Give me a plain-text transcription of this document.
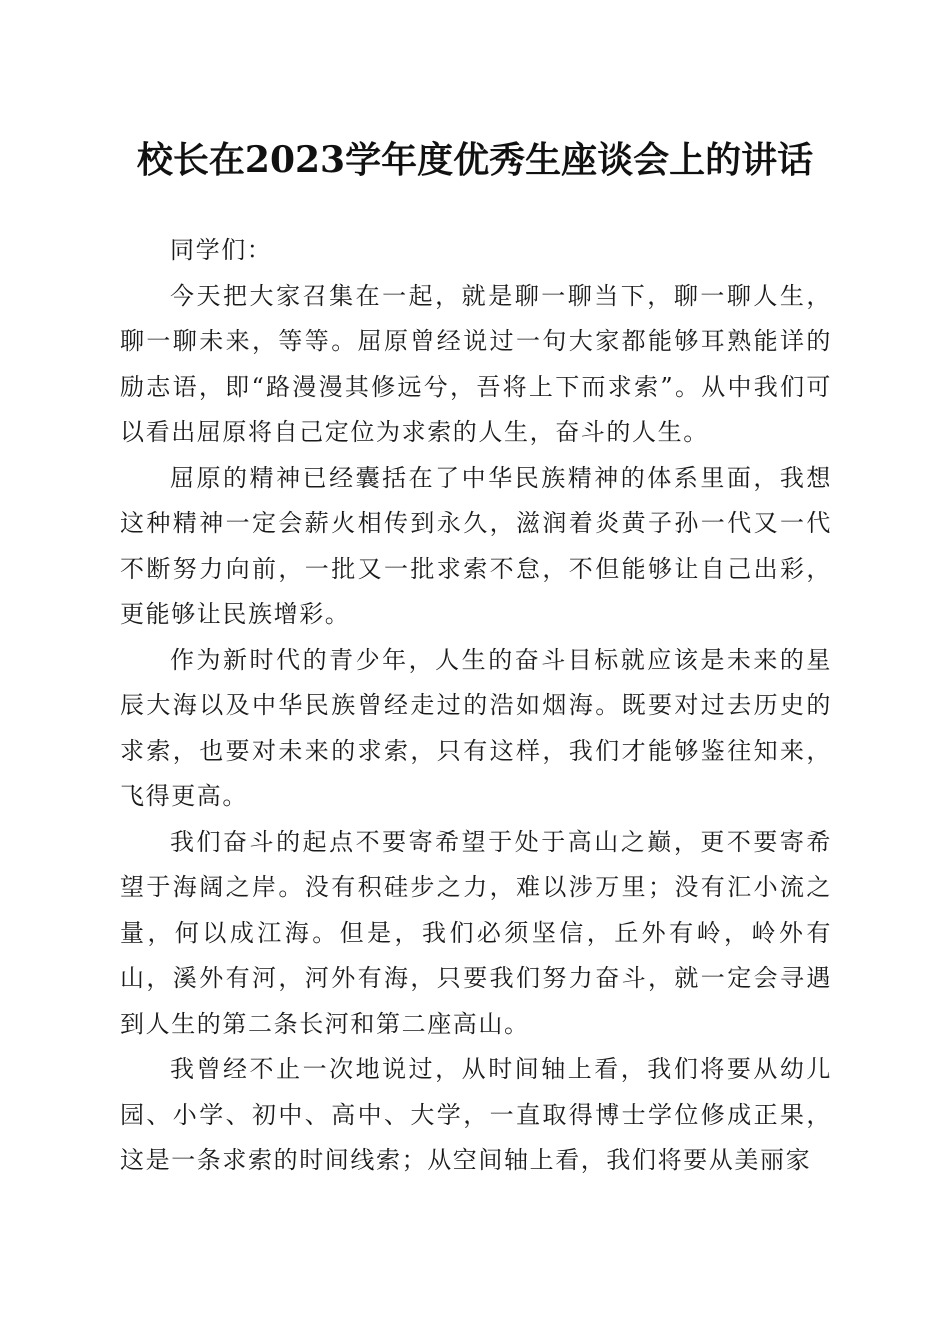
校长在2023学年度优秀生座谈会上的讲话

同学们：

今天把大家召集在一起，就是聊一聊当下，聊一聊人生，聊一聊未来，等等。屈原曾经说过一句大家都能够耳熟能详的励志语，即“路漫漫其修远兮，吾将上下而求索”。从中我们可以看出屈原将自己定位为求索的人生，奋斗的人生。

屈原的精神已经囊括在了中华民族精神的体系里面，我想这种精神一定会薪火相传到永久，滋润着炎黄子孙一代又一代不断努力向前，一批又一批求索不怠，不但能够让自己出彩，更能够让民族增彩。

作为新时代的青少年，人生的奋斗目标就应该是未来的星辰大海以及中华民族曾经走过的浩如烟海。既要对过去历史的求索，也要对未来的求索，只有这样，我们才能够鉴往知来，飞得更高。

我们奋斗的起点不要寄希望于处于高山之巅，更不要寄希望于海阔之岸。没有积硅步之力，难以涉万里；没有汇小流之量，何以成江海。但是，我们必须坚信，丘外有岭，岭外有山，溪外有河，河外有海，只要我们努力奋斗，就一定会寻遇到人生的第二条长河和第二座高山。

我曾经不止一次地说过，从时间轴上看，我们将要从幼儿园、小学、初中、高中、大学，一直取得博士学位修成正果，这是一条求索的时间线索；从空间轴上看，我们将要从美丽家
